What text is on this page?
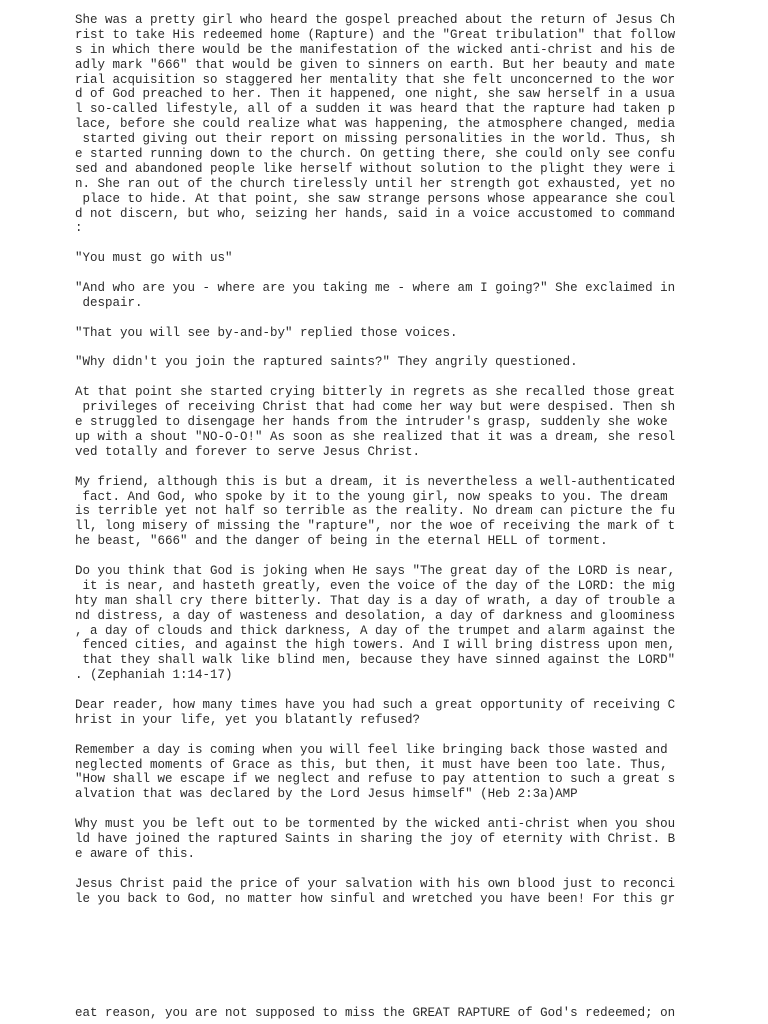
She was a pretty girl who heard the gospel preached about the return of Jesus Ch
rist to take His redeemed home (Rapture) and the "Great tribulation" that follow
s in which there would be the manifestation of the wicked anti-christ and his de
adly mark "666" that would be given to sinners on earth. But her beauty and mate
rial acquisition so staggered her mentality that she felt unconcerned to the wor
d of God preached to her. Then it happened, one night, she saw herself in a usua
l so-called lifestyle, all of a sudden it was heard that the rapture had taken p
lace, before she could realize what was happening, the atmosphere changed, media
started giving out their report on missing personalities in the world. Thus, sh
e started running down to the church. On getting there, she could only see confu
sed and abandoned people like herself without solution to the plight they were i
n. She ran out of the church tirelessly until her strength got exhausted, yet no
place to hide. At that point, she saw strange persons whose appearance she coul
d not discern, but who, seizing her hands, said in a voice accustomed to command
:
"You must go with us"
"And who are you - where are you taking me - where am I going?" She exclaimed in
despair.
"That you will see by-and-by" replied those voices.
"Why didn't you join the raptured saints?" They angrily questioned.
At that point she started crying bitterly in regrets as she recalled those great
privileges of receiving Christ that had come her way but were despised. Then sh
e struggled to disengage her hands from the intruder's grasp, suddenly she woke
up with a shout "NO-O-O!" As soon as she realized that it was a dream, she resol
ved totally and forever to serve Jesus Christ.
My friend, although this is but a dream, it is nevertheless a well-authenticated
fact. And God, who spoke by it to the young girl, now speaks to you. The dream
is terrible yet not half so terrible as the reality. No dream can picture the fu
ll, long misery of missing the "rapture", nor the woe of receiving the mark of t
he beast, "666" and the danger of being in the eternal HELL of torment.
Do you think that God is joking when He says "The great day of the LORD is near,
it is near, and hasteth greatly, even the voice of the day of the LORD: the mig
hty man shall cry there bitterly. That day is a day of wrath, a day of trouble a
nd distress, a day of wasteness and desolation, a day of darkness and gloominess
, a day of clouds and thick darkness, A day of the trumpet and alarm against the
fenced cities, and against the high towers. And I will bring distress upon men,
that they shall walk like blind men, because they have sinned against the LORD"
. (Zephaniah 1:14-17)
Dear reader, how many times have you had such a great opportunity of receiving C
hrist in your life, yet you blatantly refused?
Remember a day is coming when you will feel like bringing back those wasted and
neglected moments of Grace as this, but then, it must have been too late. Thus,
"How shall we escape if we neglect and refuse to pay attention to such a great s
alvation that was declared by the Lord Jesus himself" (Heb 2:3a)AMP
Why must you be left out to be tormented by the wicked anti-christ when you shou
ld have joined the raptured Saints in sharing the joy of eternity with Christ. B
e aware of this.
Jesus Christ paid the price of your salvation with his own blood just to reconci
le you back to God, no matter how sinful and wretched you have been! For this gr
eat reason, you are not supposed to miss the GREAT RAPTURE of God's redeemed; on
